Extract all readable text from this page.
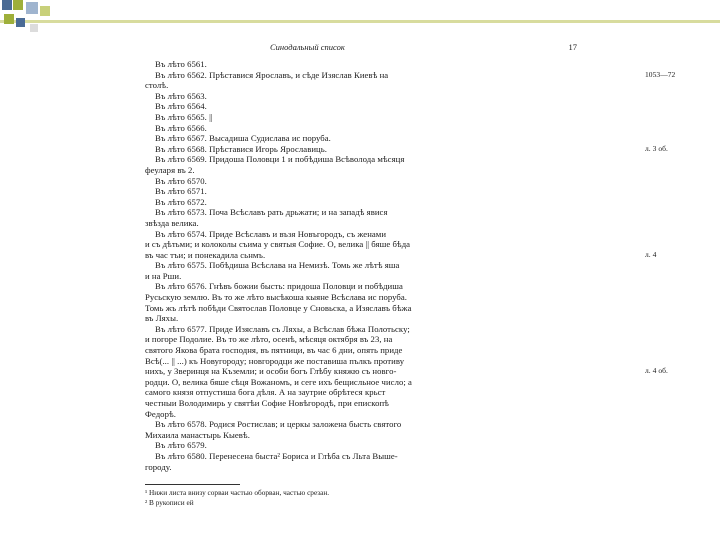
Синодальный список	17
Въ лѣто 6561.
Въ лѣто 6562. Прѣставися Ярославъ, и сѣде Изяслав Киевѣ на	1053—72
столѣ.
Въ лѣто 6563.
Въ лѣто 6564.
Въ лѣто 6565. ||
Въ лѣто 6566.
Въ лѣто 6567. Высадиша Судислава ис поруба.
Въ лѣто 6568. Прѣставися Игорь Ярославиць.	л. 3 об.
Въ лѣто 6569. Придоша Половци 1 и побѣдиша Всѣволода мѣсяця
феуларя въ 2.
Въ лѣто 6570.
Въ лѣто 6571.
Въ лѣто 6572.
Въ лѣто 6573. Поча Всѣславъ рать дрьжати; и на западѣ явися
звѣзда велика.
Въ лѣто 6574. Приде Всѣславъ и възя Новъгородъ, съ женами
и съ дѣтьми; и колоколы съима у святыя Софие. О, велика || бяше бѣда
въ час тъи; и понекадила сьнмъ.	л. 4
Въ лѣто 6575. Побѣдиша Всѣслава на Немизѣ. Томь же лѣтѣ яша
и на Рши.
Въ лѣто 6576. Гнѣвъ божии бысть: придоша Половци и побѣдиша
Русьскую землю. Въ то же лѣто высѣкоша кыяне Всѣслава ис поруба.
Томь жъ лѣтѣ побѣди Святослав Половце у Сновьска, а Изяславъ бѣжа
въ Ляхы.
Въ лѣто 6577. Приде Изяславъ съ Ляхы, а Всѣслав бѣжа Полотьску;
и погоре Подолие. Въ то же лѣто, осенѣ, мѣсяця октября въ 23, на
святого Якова брата господня, въ пятници, въ час 6 дни, опять приде
Всѣ(... || ...) къ Новугороду; новгородци же поставиша пълкъ противу
нихъ, у Зверинця на Къземли; и особи богъ Глѣбу княжю съ новго-	л. 4 об.
родци. О, велика бяше сѣця Вожаномъ, и сеге ихъ бещисльное число; а
самого князя отпустиша бога дѣля. А на заутрие обрѣтеся крьст
честныи Володимирь у святѣи Софие Новѣгородѣ, при епископѣ
Федорѣ.
Въ лѣто 6578. Родися Ростислав; и церкы заложена бысть святого
Михаила манастырь Кыевѣ.
Въ лѣто 6579.
Въ лѣто 6580. Перенесена быста² Бориса и Глѣба съ Льта Выше-
городу.
¹ Нижи листа внизу сорваи частью оборван, частью срезан.
² В рукописи ей
